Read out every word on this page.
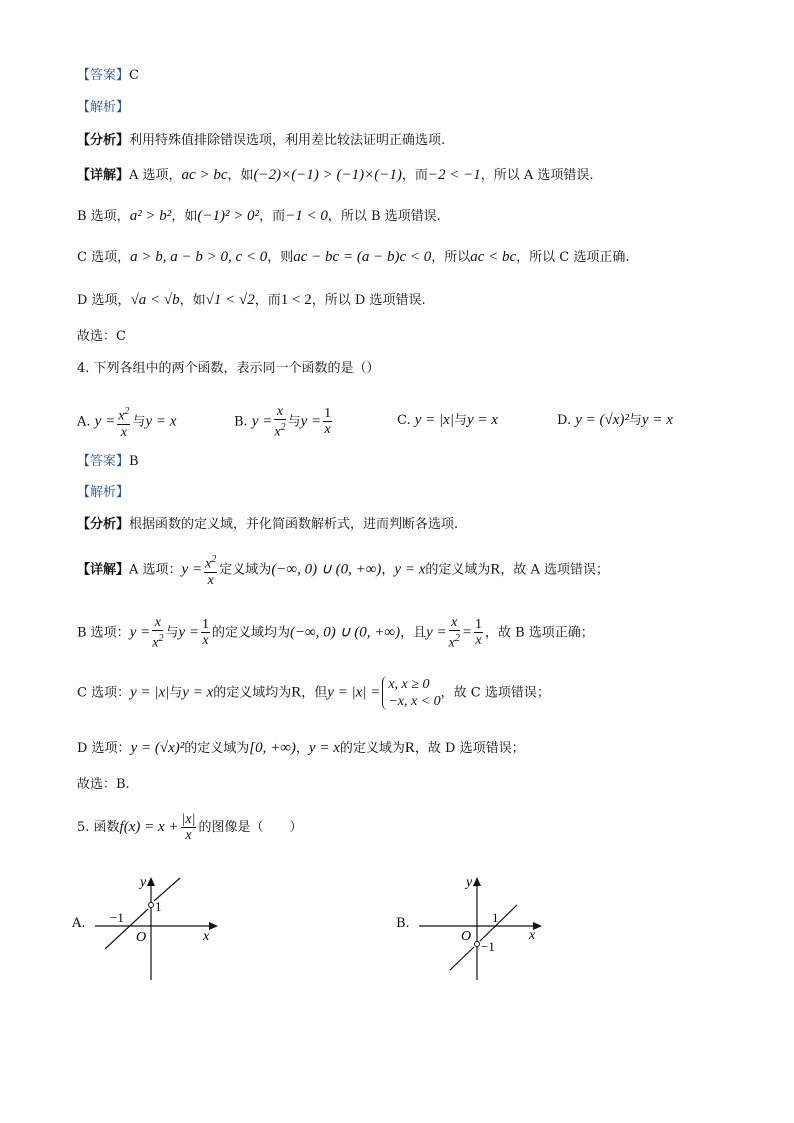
【答案】C
【解析】
【分析】利用特殊值排除错误选项，利用差比较法证明正确选项.
【详解】A 选项，ac > bc，如(−2)×(−1) > (−1)×(−1)，而−2 < −1，所以 A 选项错误.
B 选项，a² > b²，如(−1)² > 0²，而−1 < 0，所以 B 选项错误.
C 选项，a > b, a − b > 0, c < 0，则ac − bc = (a − b)c < 0，所以ac < bc，所以 C 选项正确.
D 选项，√a < √b，如√1 < √2，而1 < 2，所以 D 选项错误.
故选：C
4. 下列各组中的两个函数，表示同一个函数的是（）
A. $y = \frac{x^2}{x}$ 与y = x	B. $y = \frac{x}{x^2}$ 与$y = \frac{1}{x}$	C. y = |x|与y = x	D. y = (√x)²与y = x
【答案】B
【解析】
【分析】根据函数的定义域，并化简函数解析式，进而判断各选项.
【详解】A 选项：$y = \frac{x^2}{x}$ 定义域为(−∞, 0) ∪ (0, +∞)，y = x的定义域为R，故 A 选项错误；
B 选项：$y = \frac{x}{x^2}$ 与$y = \frac{1}{x}$ 的定义域均为(−∞, 0) ∪ (0, +∞)，且$y = \frac{x}{x^2} = \frac{1}{x}$ ，故 B 选项正确；
C 选项：y = |x|与y = x的定义域均为R，但y = |x| = x, x ≥ 0
−x, x < 0
，故 C 选项错误；
D 选项：y = (√x)²的定义域为[0, +∞)，y = x的定义域为R，故 D 选项错误；
故选：B.
5. 函数$f(x) = x + \frac{|x|}{x}$ 的图像是（　　）
A.
y
x
O
−1
1
B.
y
x
O
1
−1
